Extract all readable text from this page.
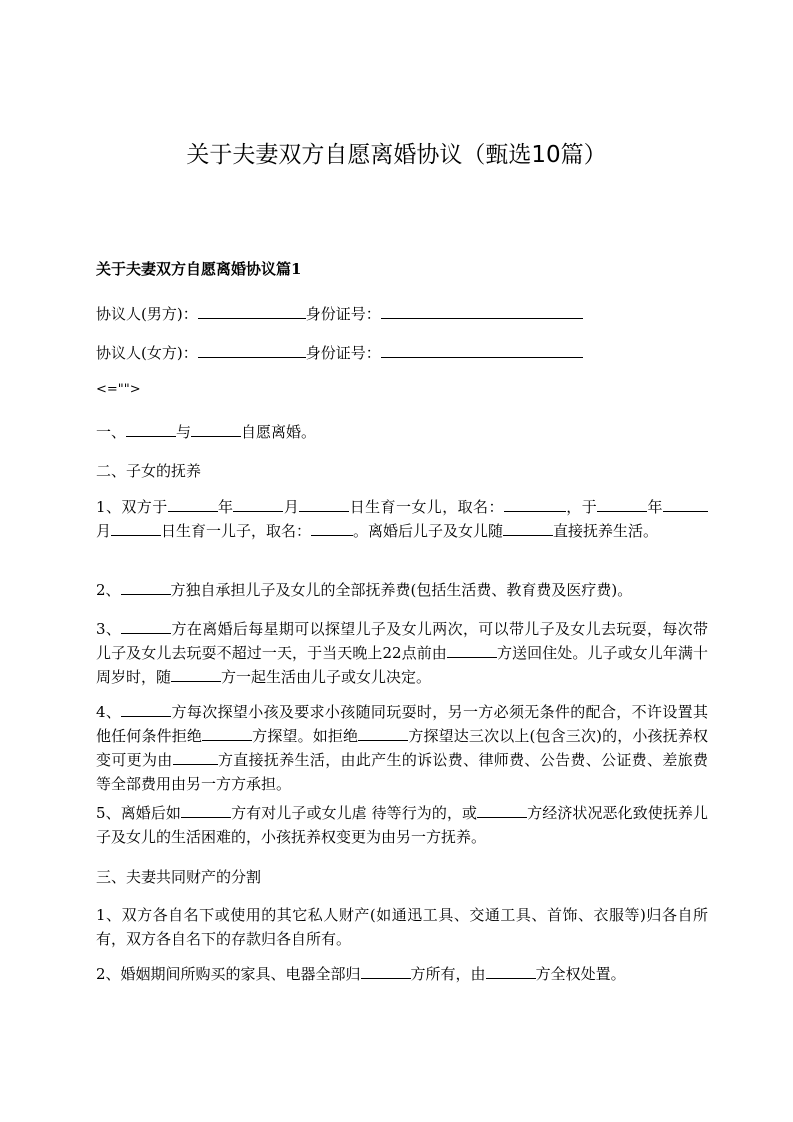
关于夫妻双方自愿离婚协议（甄选10篇）
关于夫妻双方自愿离婚协议篇1

协议人(男方)：	身份证号：

协议人(女方)：	身份证号：

<="">

一、	与	自愿离婚。

二、子女的抚养

1、双方于	年	月	日生育一女儿，取名：	，于	年月	日生育一儿子，取名：	。离婚后儿子及女儿随	直接抚养生活。

2、	方独自承担儿子及女儿的全部抚养费(包括生活费、教育费及医疗费)。

3、	方在离婚后每星期可以探望儿子及女儿两次，可以带儿子及女儿去玩耍，每次带儿子及女儿去玩耍不超过一天，于当天晚上22点前由	方送回住处。儿子或女儿年满十周岁时，随	方一起生活由儿子或女儿决定。

4、	方每次探望小孩及要求小孩随同玩耍时，另一方必须无条件的配合，不许设置其他任何条件拒绝	方探望。如拒绝	方探望达三次以上(包含三次)的，小孩抚养权变可更为由	方直接抚养生活，由此产生的诉讼费、律师费、公告费、公证费、差旅费等全部费用由另一方方承担。

5、离婚后如	方有对儿子或女儿虐 待等行为的，或	方经济状况恶化致使抚养儿子及女儿的生活困难的，小孩抚养权变更为由另一方抚养。

三、夫妻共同财产的分割

1、双方各自名下或使用的其它私人财产(如通迅工具、交通工具、首饰、衣服等)归各自所有，双方各自名下的存款归各自所有。

2、婚姻期间所购买的家具、电器全部归	方所有，由	方全权处置。
